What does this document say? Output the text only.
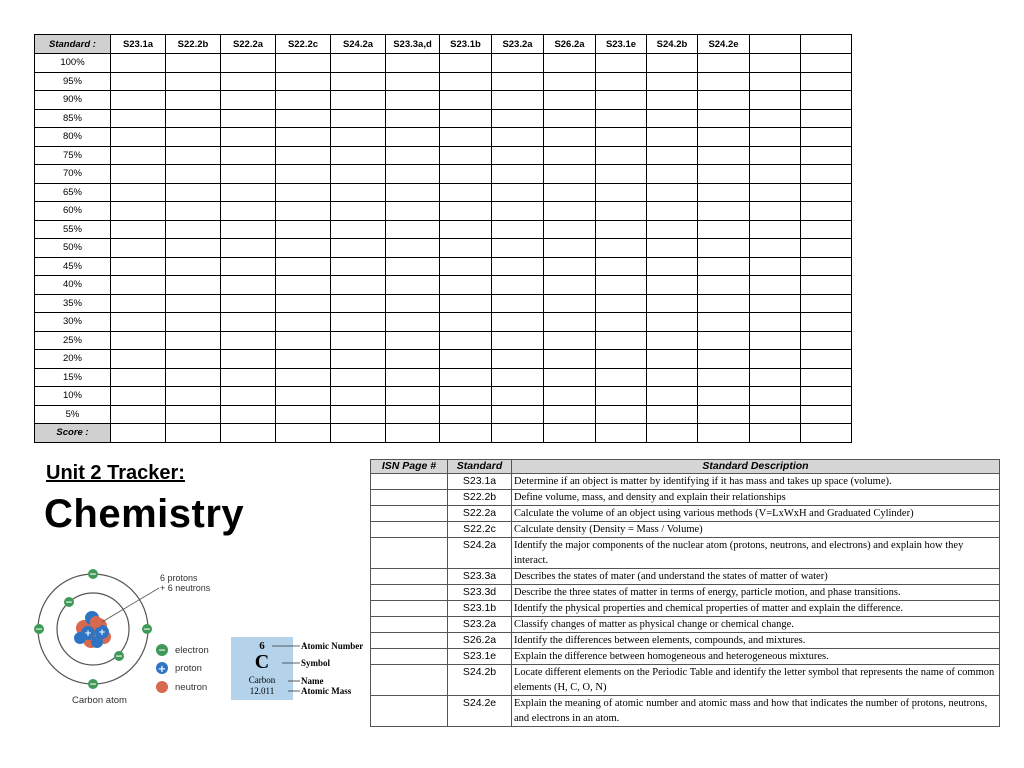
Standard :	S23.1a	S22.2b	S22.2a	S22.2c	S24.2a	S23.3a,d	S23.1b	S23.2a	S26.2a	S23.1e	S24.2b	S24.2e		
100%														
95%														
90%														
85%														
80%														
75%														
70%														
65%														
60%														
55%														
50%														
45%														
40%														
35%														
30%														
25%														
20%														
15%														
10%														
5%														
Score :														
Unit 2 Tracker:
Chemistry
+ +
−
−	−
−
−
−
6 protons
+ 6 neutrons
Carbon atom
− electron
+ proton
neutron
6
C
Carbon
12.011
Atomic Number
Symbol
Name
Atomic Mass
ISN Page #	Standard	Standard Description
	S23.1a	Determine if an object is matter by identifying if it has mass and takes up space (volume).
	S22.2b	Define volume, mass, and density and explain their relationships
	S22.2a	Calculate the volume of an object using various methods (V=LxWxH and Graduated Cylinder)
	S22.2c	Calculate density (Density = Mass / Volume)
	S24.2a	Identify the major components of the nuclear atom (protons, neutrons, and electrons) and explain how they interact.
	S23.3a	Describes the states of mater (and understand the states of matter of water)
	S23.3d	Describe the three states of matter in terms of energy, particle motion, and phase transitions.
	S23.1b	Identify the physical properties and chemical properties of matter and explain the difference.
	S23.2a	Classify changes of matter as physical change or chemical change.
	S26.2a	Identify the differences between elements, compounds, and mixtures.
	S23.1e	Explain the difference between homogeneous and heterogeneous mixtures.
	S24.2b	Locate different elements on the Periodic Table and identify the letter symbol that represents the name of common elements (H, C, O, N)
	S24.2e	Explain the meaning of atomic number and atomic mass and how that indicates the number of protons, neutrons, and electrons in an atom.
